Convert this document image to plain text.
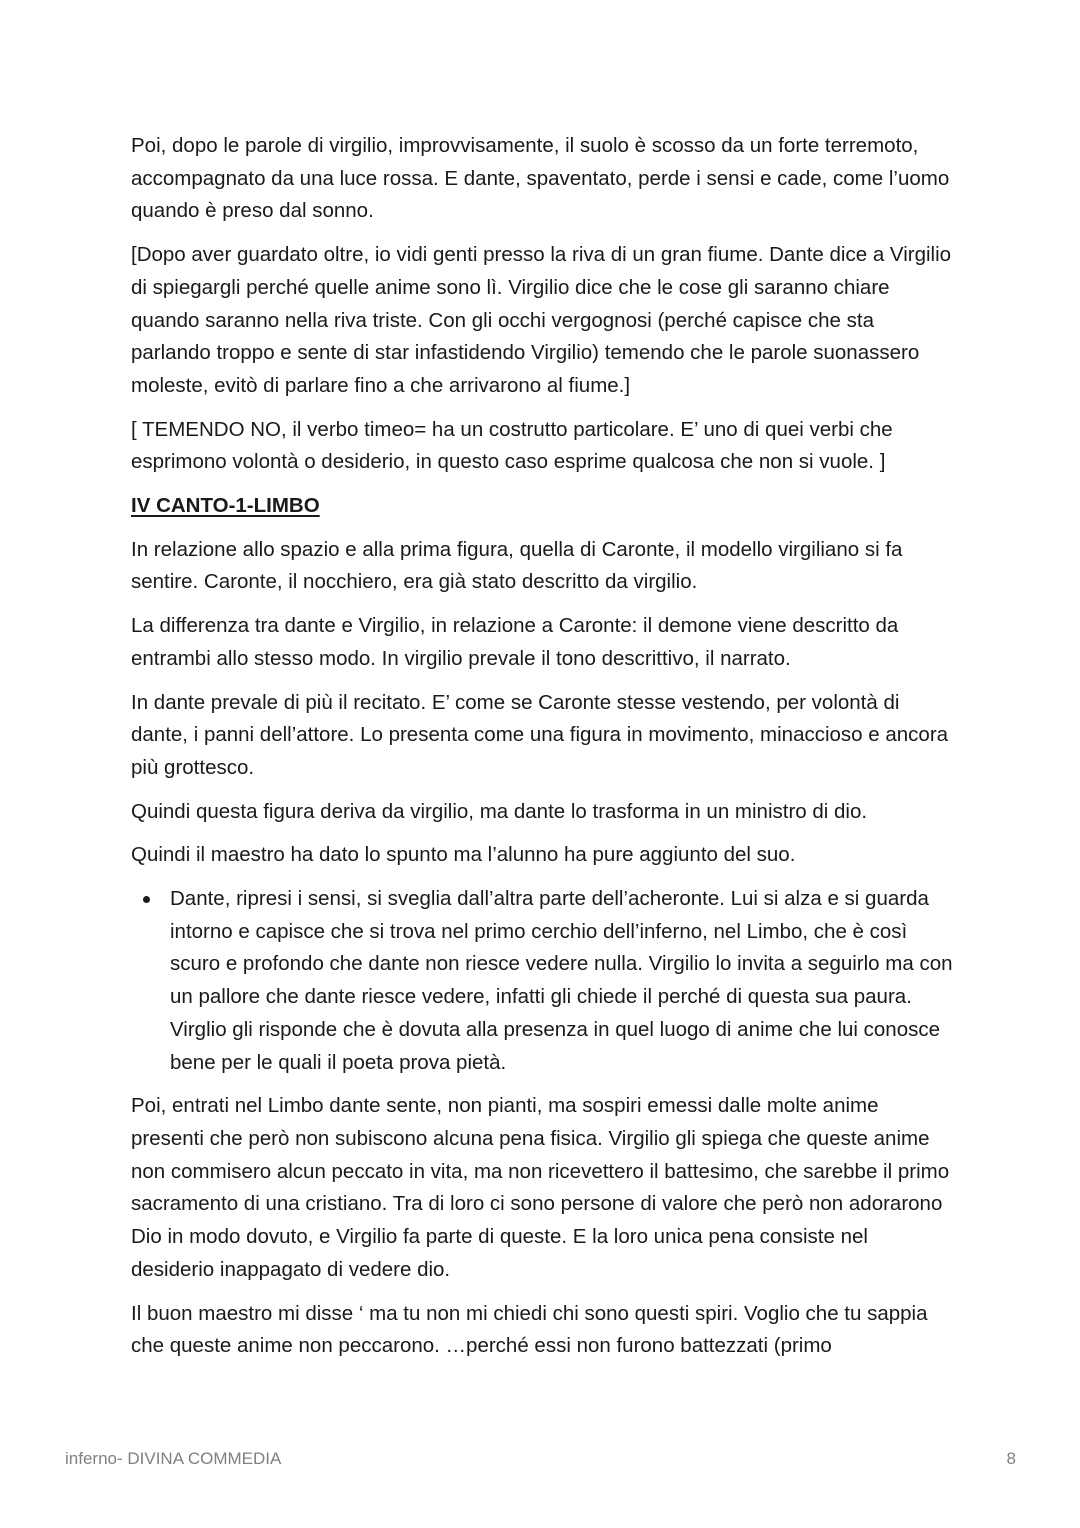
Poi, dopo le parole di virgilio, improvvisamente, il suolo è scosso da un forte terremoto, accompagnato da una luce rossa. E dante, spaventato, perde i sensi e cade, come l’uomo quando è preso dal sonno.

[Dopo aver guardato oltre, io vidi genti presso la riva di un gran fiume. Dante dice a Virgilio di spiegargli perché quelle anime sono lì. Virgilio dice che le cose gli saranno chiare quando saranno nella riva triste. Con gli occhi vergognosi (perché capisce che sta parlando troppo e sente di star infastidendo Virgilio) temendo che le parole suonassero moleste, evitò di parlare fino a che arrivarono al fiume.]

[ TEMENDO NO, il verbo timeo= ha un costrutto particolare. E’ uno di quei verbi che esprimono volontà o desiderio, in questo caso esprime qualcosa che non si vuole. ]

IV CANTO-1-LIMBO

In relazione allo spazio e alla prima figura, quella di Caronte, il modello virgiliano si fa sentire. Caronte, il nocchiero, era già stato descritto da virgilio.

La differenza tra dante e Virgilio, in relazione a Caronte: il demone viene descritto da entrambi allo stesso modo. In virgilio prevale il tono descrittivo, il narrato.

In dante prevale di più il recitato. E’ come se Caronte stesse vestendo, per volontà di dante, i panni dell’attore. Lo presenta come una figura in movimento, minaccioso e ancora più grottesco.

Quindi questa figura deriva da virgilio, ma dante lo trasforma in un ministro di dio.

Quindi il maestro ha dato lo spunto ma l’alunno ha pure aggiunto del suo.

Dante, ripresi i sensi, si sveglia dall’altra parte dell’acheronte. Lui si alza e si guarda intorno e capisce che si trova nel primo cerchio dell’inferno, nel Limbo, che è così scuro e profondo che dante non riesce vedere nulla. Virgilio lo invita a seguirlo ma con un pallore che dante riesce vedere, infatti gli chiede il perché di questa sua paura. Virglio gli risponde che è dovuta alla presenza in quel luogo di anime che lui conosce bene per le quali il poeta prova pietà.

Poi, entrati nel Limbo dante sente, non pianti, ma sospiri emessi dalle molte anime presenti che però non subiscono alcuna pena fisica. Virgilio gli spiega che queste anime non commisero alcun peccato in vita, ma non ricevettero il battesimo, che sarebbe il primo sacramento di una cristiano. Tra di loro ci sono persone di valore che però non adorarono Dio in modo dovuto, e Virgilio fa parte di queste. E la loro unica pena consiste nel desiderio inappagato di vedere dio.

Il buon maestro mi disse ‘ ma tu non mi chiedi chi sono questi spiri. Voglio che tu sappia che queste anime non peccarono. …perché essi non furono battezzati (primo

inferno- DIVINA COMMEDIA	8
